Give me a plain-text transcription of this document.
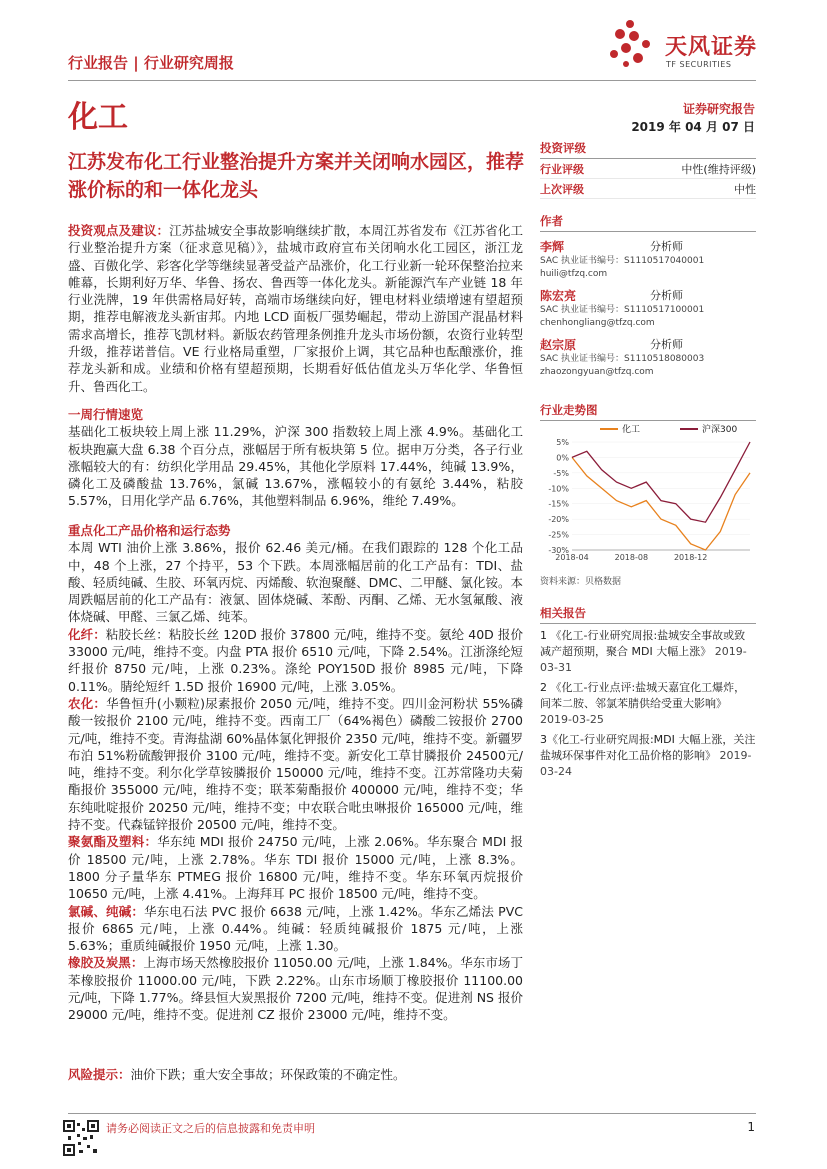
行业报告 | 行业研究周报
天风证券
TF SECURITIES
化工	证券研究报告
2019 年 04 月 07 日
江苏发布化工行业整治提升方案并关闭响水园区，推荐涨价标的和一体化龙头
投资观点及建议：江苏盐城安全事故影响继续扩散，本周江苏省发布《江苏省化工行业整治提升方案（征求意见稿）》，盐城市政府宣布关闭响水化工园区，浙江龙盛、百傲化学、彩客化学等继续显著受益产品涨价，化工行业新一轮环保整治拉来帷幕，长期利好万华、华鲁、扬农、鲁西等一体化龙头。新能源汽车产业链 18 年行业洗牌，19 年供需格局好转，高端市场继续向好，锂电材料业绩增速有望超预期，推荐电解液龙头新宙邦。内地 LCD 面板厂强势崛起，带动上游国产混晶材料需求高增长，推荐飞凯材料。新版农药管理条例推升龙头市场份额，农资行业转型升级，推荐诺普信。VE 行业格局重塑，厂家报价上调，其它品种也酝酿涨价，推荐龙头新和成。业绩和价格有望超预期，长期看好低估值龙头万华化学、华鲁恒升、鲁西化工。
一周行情速览
基础化工板块较上周上涨 11.29%，沪深 300 指数较上周上涨 4.9%。基础化工板块跑赢大盘 6.38 个百分点，涨幅居于所有板块第 5 位。据申万分类，各子行业涨幅较大的有：纺织化学用品 29.45%，其他化学原料 17.44%，纯碱 13.9%，磷化工及磷酸盐 13.76%，氯碱 13.67%，涨幅较小的有氨纶 3.44%，粘胶 5.57%，日用化学产品 6.76%，其他塑料制品 6.96%，维纶 7.49%。
重点化工产品价格和运行态势
本周 WTI 油价上涨 3.86%，报价 62.46 美元/桶。在我们跟踪的 128 个化工品中，48 个上涨，27 个持平，53 个下跌。本周涨幅居前的化工产品有：TDI、盐酸、轻质纯碱、生胶、环氧丙烷、丙烯酸、软泡聚醚、DMC、二甲醚、氯化铵。本周跌幅居前的化工产品有：液氯、固体烧碱、苯酚、丙酮、乙烯、无水氢氟酸、液体烧碱、甲醛、三氯乙烯、纯苯。
化纤：粘胶长丝：粘胶长丝 120D 报价 37800 元/吨，维持不变。氨纶 40D 报价 33000 元/吨，维持不变。内盘 PTA 报价 6510 元/吨，下降 2.54%。江浙涤纶短纤报价 8750 元/吨，上涨 0.23%。涤纶 POY150D 报价 8985 元/吨，下降 0.11%。腈纶短纤 1.5D 报价 16900 元/吨，上涨 3.05%。
农化：华鲁恒升(小颗粒)尿素报价 2050 元/吨，维持不变。四川金河粉状 55%磷酸一铵报价 2100 元/吨，维持不变。西南工厂（64%褐色）磷酸二铵报价 2700 元/吨，维持不变。青海盐湖 60%晶体氯化钾报价 2350 元/吨，维持不变。新疆罗布泊 51%粉硫酸钾报价 3100 元/吨，维持不变。新安化工草甘膦报价 24500元/吨，维持不变。利尔化学草铵膦报价 150000 元/吨，维持不变。江苏常隆功夫菊酯报价 355000 元/吨，维持不变；联苯菊酯报价 400000 元/吨，维持不变；华东纯吡啶报价 20250 元/吨，维持不变；中农联合吡虫啉报价 165000 元/吨，维持不变。代森锰锌报价 20500 元/吨，维持不变。
聚氨酯及塑料：华东纯 MDI 报价 24750 元/吨，上涨 2.06%。华东聚合 MDI 报价 18500 元/吨，上涨 2.78%。华东 TDI 报价 15000 元/吨，上涨 8.3%。1800 分子量华东 PTMEG 报价 16800 元/吨，维持不变。华东环氧丙烷报价 10650 元/吨，上涨 4.41%。上海拜耳 PC 报价 18500 元/吨，维持不变。
氯碱、纯碱：华东电石法 PVC 报价 6638 元/吨，上涨 1.42%。华东乙烯法 PVC 报价 6865 元/吨，上涨 0.44%。纯碱：轻质纯碱报价 1875 元/吨，上涨 5.63%；重质纯碱报价 1950 元/吨，上涨 1.30。
橡胶及炭黑：上海市场天然橡胶报价 11050.00 元/吨，上涨 1.84%。华东市场丁苯橡胶报价 11000.00 元/吨，下跌 2.22%。山东市场顺丁橡胶报价 11100.00 元/吨，下降 1.77%。绛县恒大炭黑报价 7200 元/吨，维持不变。促进剂 NS 报价 29000 元/吨，维持不变。促进剂 CZ 报价 23000 元/吨，维持不变。
风险提示：油价下跌；重大安全事故；环保政策的不确定性。
投资评级
行业评级	中性(维持评级)
上次评级	中性
作者
李辉	分析师
SAC 执业证书编号：S1110517040001
huili@tfzq.com
陈宏亮	分析师
SAC 执业证书编号：S1110517100001
chenhongliang@tfzq.com
赵宗原	分析师
SAC 执业证书编号：S1110518080003
zhaozongyuan@tfzq.com
行业走势图
5%
0%
-5%
-10%
-15%
-20%
-25%
-30%
2018-04	2018-08	2018-12
化工	沪深300
资料来源：贝格数据
相关报告
1 《化工-行业研究周报:盐城安全事故或致减产超预期，聚合 MDI 大幅上涨》 2019-03-31
2 《化工-行业点评:盐城天嘉宜化工爆炸，间苯二胺、邻氯苯腈供给受重大影响》 2019-03-25
3《化工-行业研究周报:MDI 大幅上涨，关注盐城环保事件对化工品价格的影响》 2019-03-24
请务必阅读正文之后的信息披露和免责申明	1
